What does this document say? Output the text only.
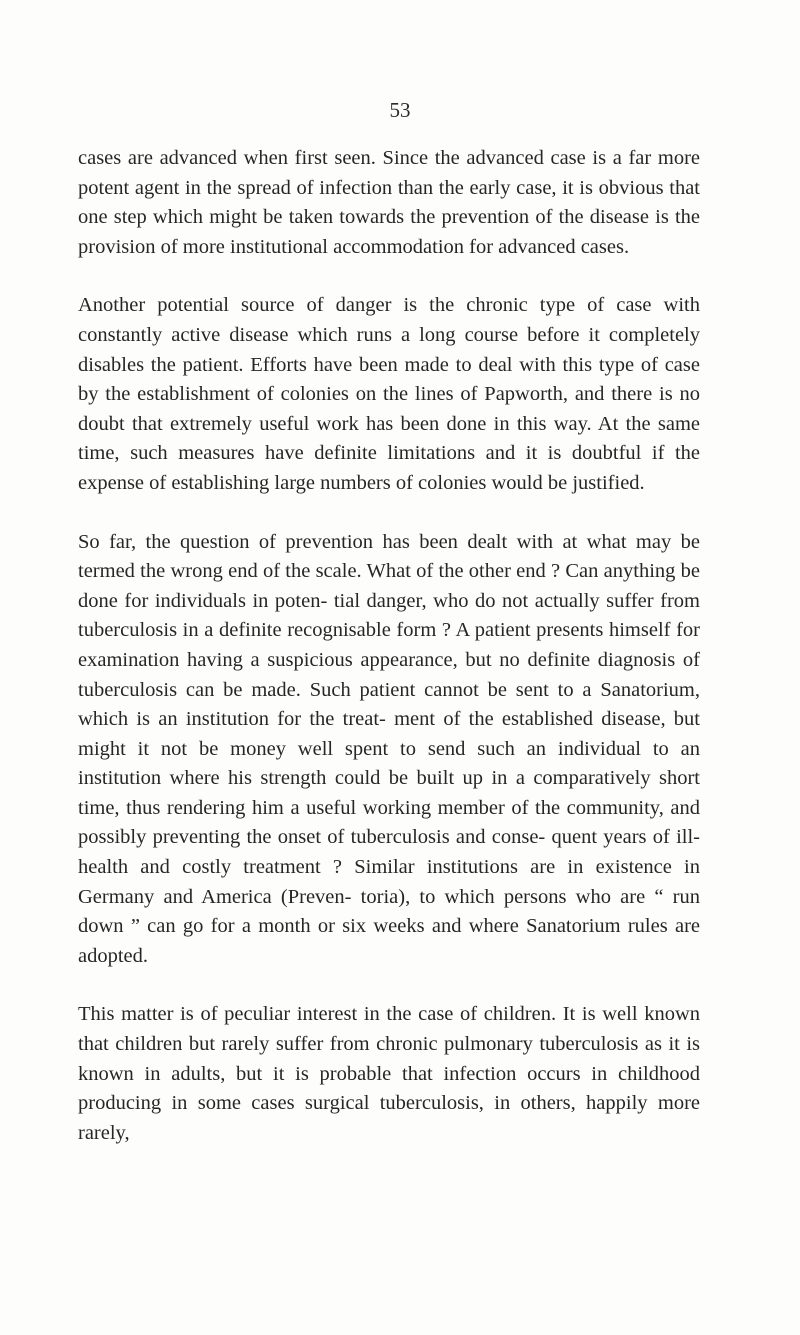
53

cases are advanced when first seen. Since the advanced case is a far more potent agent in the spread of infection than the early case, it is obvious that one step which might be taken towards the prevention of the disease is the provision of more institutional accommodation for advanced cases.

Another potential source of danger is the chronic type of case with constantly active disease which runs a long course before it completely disables the patient. Efforts have been made to deal with this type of case by the establishment of colonies on the lines of Papworth, and there is no doubt that extremely useful work has been done in this way. At the same time, such measures have definite limitations and it is doubtful if the expense of establishing large numbers of colonies would be justified.

So far, the question of prevention has been dealt with at what may be termed the wrong end of the scale. What of the other end ? Can anything be done for individuals in poten- tial danger, who do not actually suffer from tuberculosis in a definite recognisable form ? A patient presents himself for examination having a suspicious appearance, but no definite diagnosis of tuberculosis can be made. Such patient cannot be sent to a Sanatorium, which is an institution for the treat- ment of the established disease, but might it not be money well spent to send such an individual to an institution where his strength could be built up in a comparatively short time, thus rendering him a useful working member of the community, and possibly preventing the onset of tuberculosis and conse- quent years of ill-health and costly treatment ? Similar institutions are in existence in Germany and America (Preven- toria), to which persons who are “ run down ” can go for a month or six weeks and where Sanatorium rules are adopted.

This matter is of peculiar interest in the case of children. It is well known that children but rarely suffer from chronic pulmonary tuberculosis as it is known in adults, but it is probable that infection occurs in childhood producing in some cases surgical tuberculosis, in others, happily more rarely,
